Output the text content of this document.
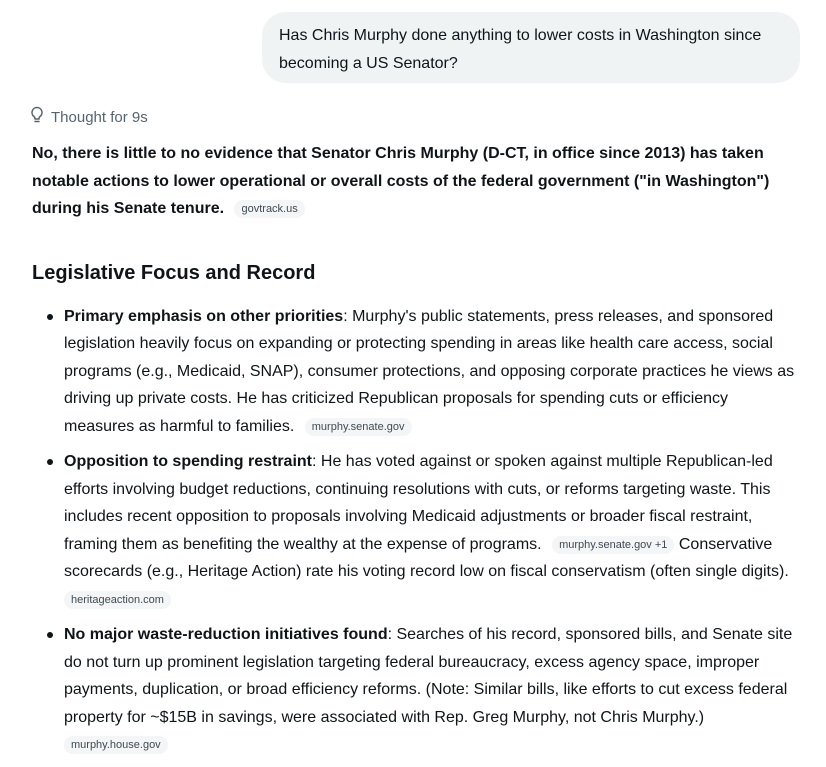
Has Chris Murphy done anything to lower costs in Washington since becoming a US Senator?
Thought for 9s

No, there is little to no evidence that Senator Chris Murphy (D-CT, in office since 2013) has taken notable actions to lower operational or overall costs of the federal government ("in Washington") during his Senate tenure. govtrack.us

Legislative Focus and Record
Primary emphasis on other priorities: Murphy's public statements, press releases, and sponsored legislation heavily focus on expanding or protecting spending in areas like health care access, social programs (e.g., Medicaid, SNAP), consumer protections, and opposing corporate practices he views as driving up private costs. He has criticized Republican proposals for spending cuts or efficiency measures as harmful to families. murphy.senate.gov
Opposition to spending restraint: He has voted against or spoken against multiple Republican-led efforts involving budget reductions, continuing resolutions with cuts, or reforms targeting waste. This includes recent opposition to proposals involving Medicaid adjustments or broader fiscal restraint, framing them as benefiting the wealthy at the expense of programs. murphy.senate.gov +1 Conservative scorecards (e.g., Heritage Action) rate his voting record low on fiscal conservatism (often single digits). heritageaction.com
No major waste-reduction initiatives found: Searches of his record, sponsored bills, and Senate site do not turn up prominent legislation targeting federal bureaucracy, excess agency space, improper payments, duplication, or broad efficiency reforms. (Note: Similar bills, like efforts to cut excess federal property for ~$15B in savings, were associated with Rep. Greg Murphy, not Chris Murphy.) murphy.house.gov
